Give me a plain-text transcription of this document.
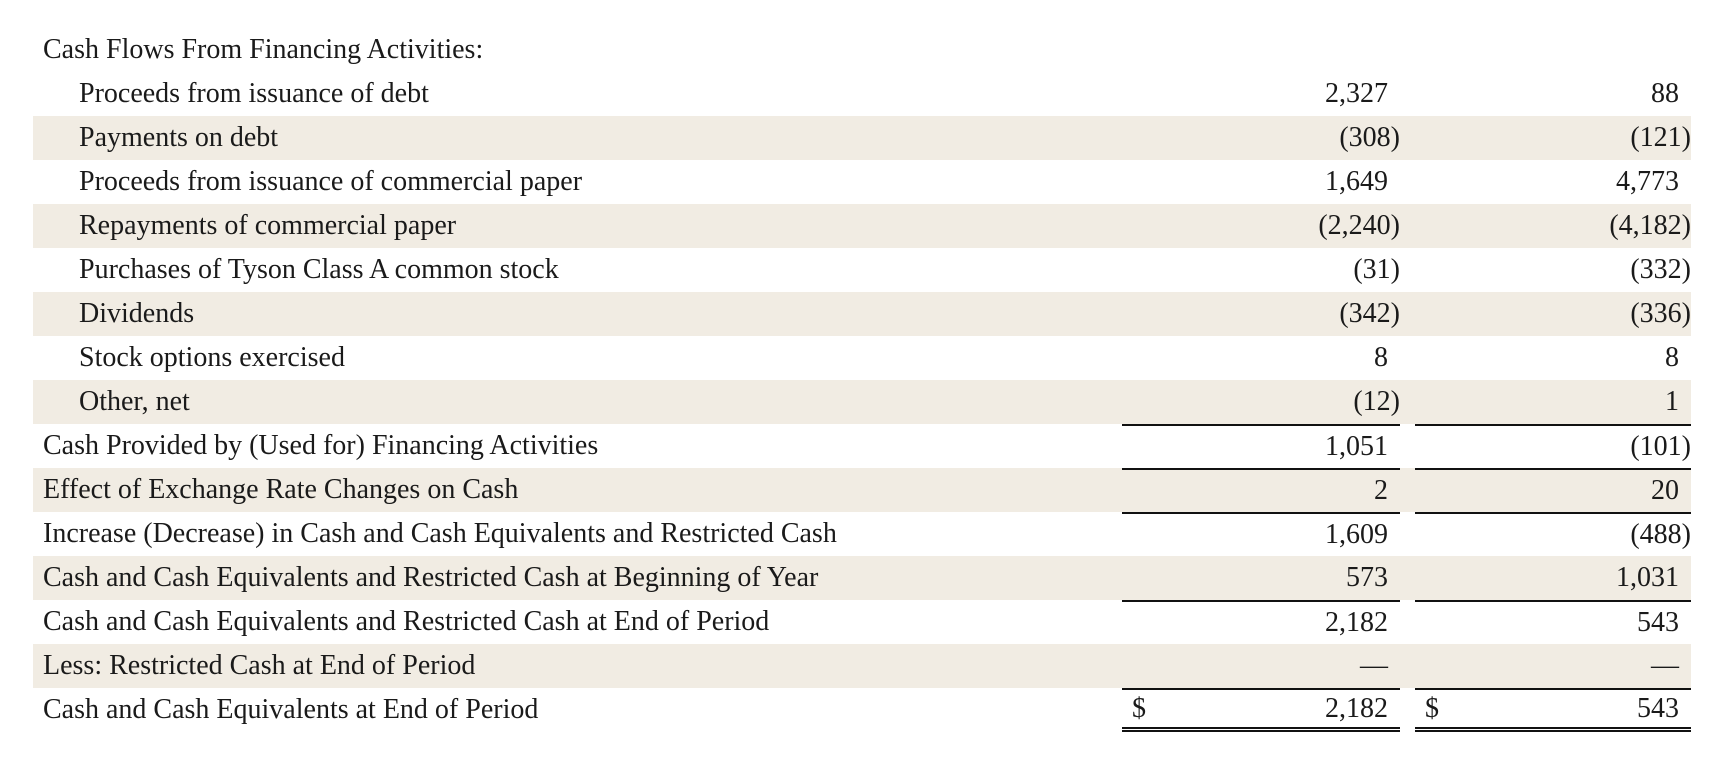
Cash Flows From Financing Activities:
Proceeds from issuance of debt	2,327	88
Payments on debt	(308)	(121)
Proceeds from issuance of commercial paper	1,649	4,773
Repayments of commercial paper	(2,240)	(4,182)
Purchases of Tyson Class A common stock	(31)	(332)
Dividends	(342)	(336)
Stock options exercised	8	8
Other, net	(12)	1
Cash Provided by (Used for) Financing Activities	1,051	(101)
Effect of Exchange Rate Changes on Cash	2	20
Increase (Decrease) in Cash and Cash Equivalents and Restricted Cash	1,609	(488)
Cash and Cash Equivalents and Restricted Cash at Beginning of Year	573	1,031
Cash and Cash Equivalents and Restricted Cash at End of Period	2,182	543
Less: Restricted Cash at End of Period	—	—
Cash and Cash Equivalents at End of Period	$	2,182	$	543
